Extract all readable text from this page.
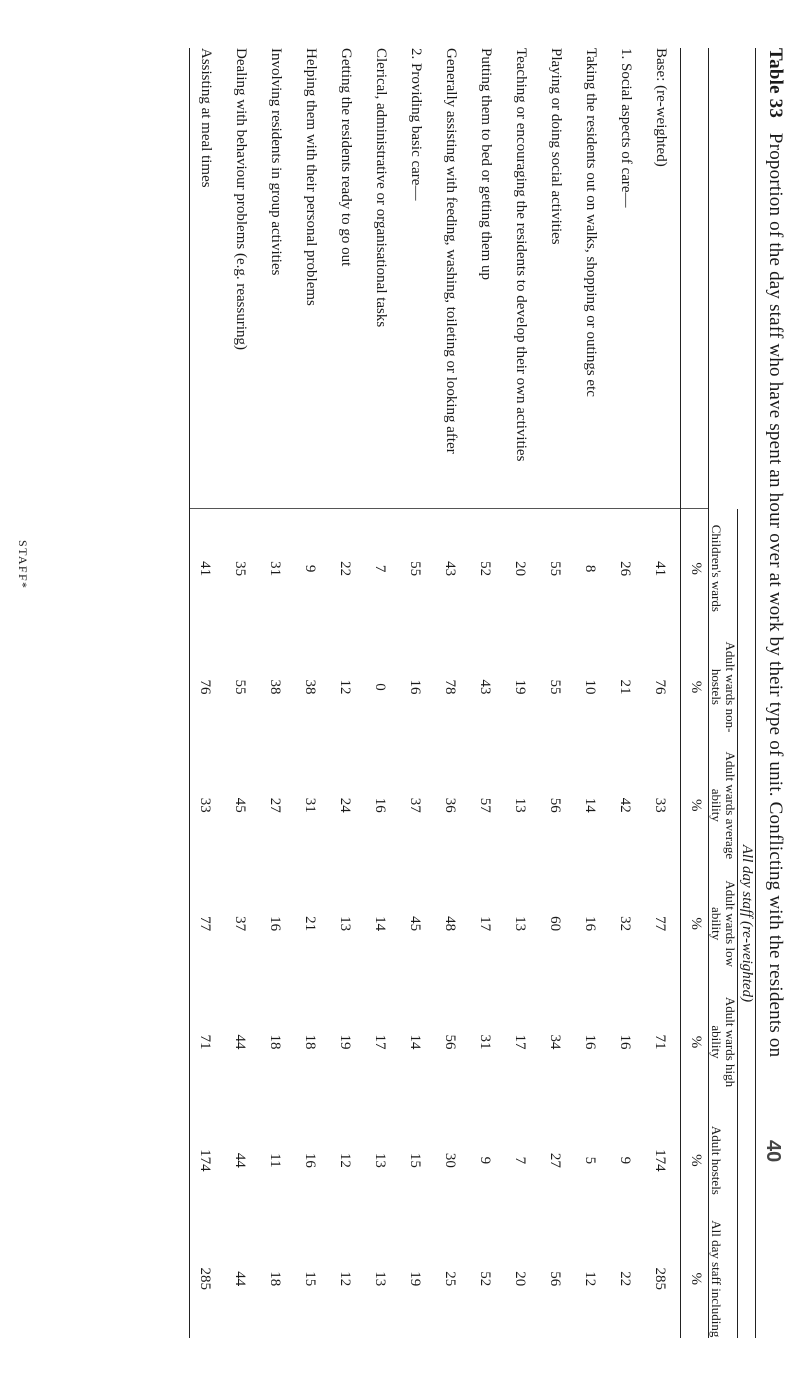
Table 33   Proportion of the day staff who have spent an hour over at work by their type of unit. Conflicting with the residents on
40
	All day staff (re-weighted)						
	Children's wards	Adult wards non-hostels	Adult wards average ability	Adult wards low ability	Adult wards high ability	Adult hostels	All day staff including
	%	%	%	%	%	%	%
Base: (re-weighted)	41	76	33	77	71	174	285
1. Social aspects of care—	26	21	42	32	16	9	22
Taking the residents out on walks, shopping or outings etc	8	10	14	16	16	5	12
Playing or doing social activities	55	55	56	60	34	27	56
Teaching or encouraging the residents to develop their own activities	20	19	13	13	17	7	20
Putting them to bed or getting them up	52	43	57	17	31	9	52
Generally assisting with feeding, washing, toileting or looking after	43	78	36	48	56	30	25
2. Providing basic care—	55	16	37	45	14	15	19
Clerical, administrative or organisational tasks	7	0	16	14	17	13	13
Getting the residents ready to go out	22	12	24	13	19	12	12
Helping them with their personal problems	9	38	31	21	18	16	15
Involving residents in group activities	31	38	27	16	18	11	18
Dealing with behaviour problems (e.g. reassuring)	35	55	45	37	44	44	44
Assisting at meal times	41	76	33	77	71	174	285
STAFF*
